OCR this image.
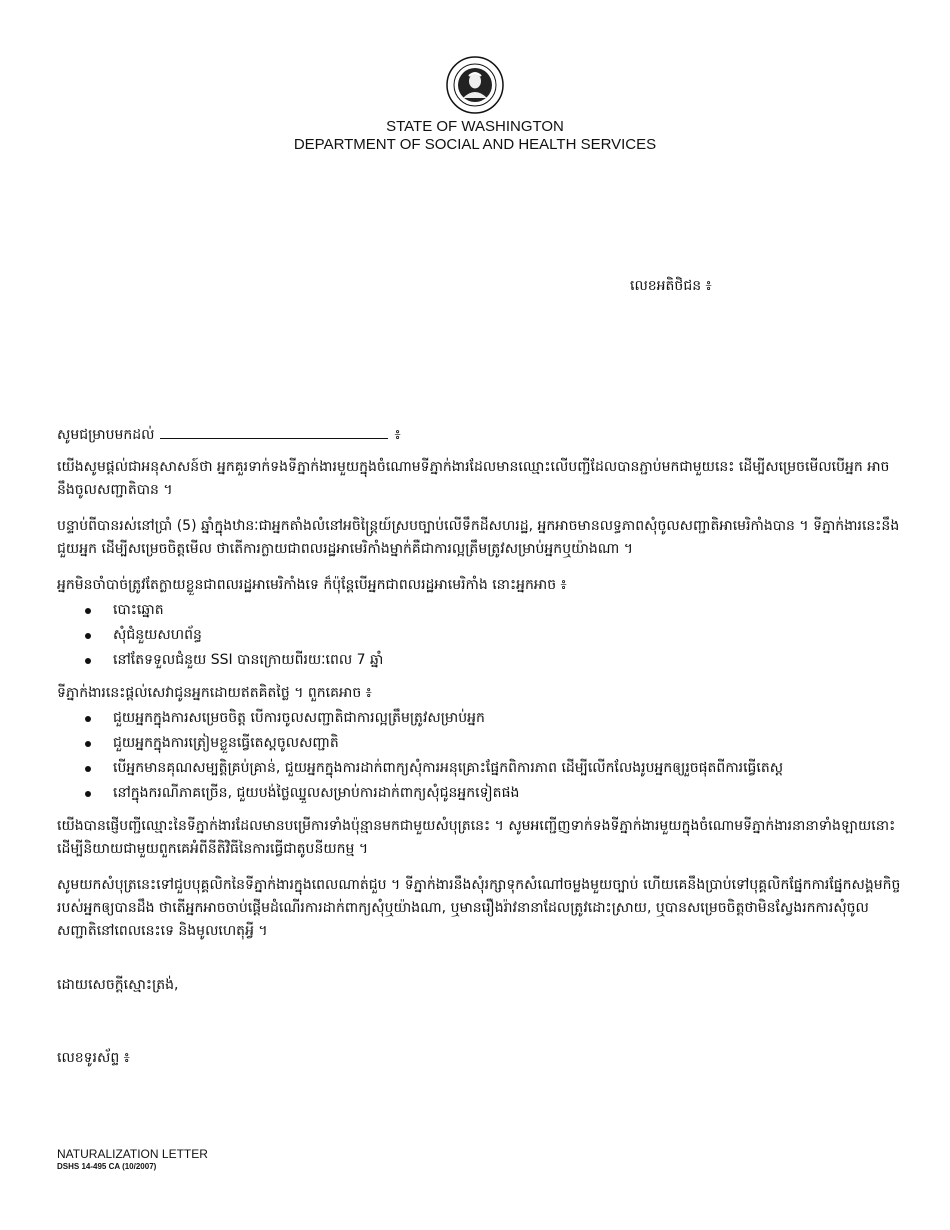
STATE OF WASHINGTON
DEPARTMENT OF SOCIAL AND HEALTH SERVICES
លេខអតិថិជន ៖
សូមជម្រាបមកដល់	៖
យើងសូមផ្តល់ជាអនុសាសន៍ថា អ្នកគួរទាក់ទងទីភ្នាក់ងារមួយក្នុងចំណោមទីភ្នាក់ងារដែលមានឈ្មោះលើបញ្ជីដែលបានភ្ជាប់មកជាមួយនេះ ដើម្បីសម្រេចមើលបើអ្នក អាចនឹងចូលសញ្ជាតិបាន ។
បន្ទាប់ពីបានរស់នៅប្រាំ (5) ឆ្នាំក្នុងឋានៈជាអ្នកតាំងលំនៅអចិន្ត្រៃយ៍ស្របច្បាប់លើទឹកដីសហរដ្ឋ, អ្នកអាចមានលទ្ធភាពសុំចូលសញ្ជាតិអាមេរិកាំងបាន ។ ទីភ្នាក់ងារនេះនឹងជួយអ្នក ដើម្បីសម្រេចចិត្តមើល ថាតើការក្លាយជាពលរដ្ឋអាមេរិកាំងម្នាក់គឺជាការល្អត្រឹមត្រូវសម្រាប់អ្នកឬយ៉ាងណា ។
អ្នកមិនចាំបាច់ត្រូវតែក្លាយខ្លួនជាពលរដ្ឋអាមេរិកាំងទេ ក៏ប៉ុន្តែបើអ្នកជាពលរដ្ឋអាមេរិកាំង នោះអ្នកអាច ៖
បោះឆ្នោត
សុំជំនួយសហព័ន្ធ
នៅតែទទួលជំនួយ SSI បានក្រោយពីរយៈពេល 7 ឆ្នាំ
ទីភ្នាក់ងារនេះផ្តល់សេវាជូនអ្នកដោយឥតគិតថ្លៃ ។ ពួកគេអាច ៖
ជួយអ្នកក្នុងការសម្រេចចិត្ត បើការចូលសញ្ជាតិជាការល្អត្រឹមត្រូវសម្រាប់អ្នក
ជួយអ្នកក្នុងការត្រៀមខ្លួនធ្វើតេស្តចូលសញ្ជាតិ
បើអ្នកមានគុណសម្បត្តិគ្រប់គ្រាន់, ជួយអ្នកក្នុងការដាក់ពាក្យសុំការអនុគ្រោះផ្នែកពិការភាព ដើម្បីលើកលែងរូបអ្នកឲ្យរួចផុតពីការធ្វើតេស្ត
នៅក្នុងករណីភាគច្រើន, ជួយបង់ថ្លៃឈ្នួលសម្រាប់ការដាក់ពាក្យសុំជូនអ្នកទៀតផង
យើងបានផ្ញើបញ្ជីឈ្មោះនៃទីភ្នាក់ងារដែលមានបម្រើការទាំងប៉ុន្មានមកជាមួយសំបុត្រនេះ ។ សូមអញ្ជើញទាក់ទងទីភ្នាក់ងារមួយក្នុងចំណោមទីភ្នាក់ងារនានាទាំងឡាយនោះ ដើម្បីនិយាយជាមួយពួកគេអំពីនីតិវិធីនៃការធ្វើជាតូបនីយកម្ម ។
សូមយកសំបុត្រនេះទៅជួបបុគ្គលិកនៃទីភ្នាក់ងារក្នុងពេលណាត់ជួប ។ ទីភ្នាក់ងារនឹងសុំរក្សាទុកសំណៅចម្លងមួយច្បាប់ ហើយគេនឹងប្រាប់ទៅបុគ្គលិកផ្នែកការផ្នែកសង្គមកិច្ចរបស់អ្នកឲ្យបានដឹង ថាតើអ្នកអាចចាប់ផ្តើមដំណើរការដាក់ពាក្យសុំឬយ៉ាងណា, ឬមានរឿងរ៉ាវនានាដែលត្រូវដោះស្រាយ, ឬបានសម្រេចចិត្តថាមិនស្វែងរកការសុំចូលសញ្ជាតិនៅពេលនេះទេ និងមូលហេតុអ្វី ។
ដោយសេចក្តីស្មោះត្រង់,
លេខទូរស័ព្ទ ៖
NATURALIZATION LETTER
DSHS 14-495 CA (10/2007)
